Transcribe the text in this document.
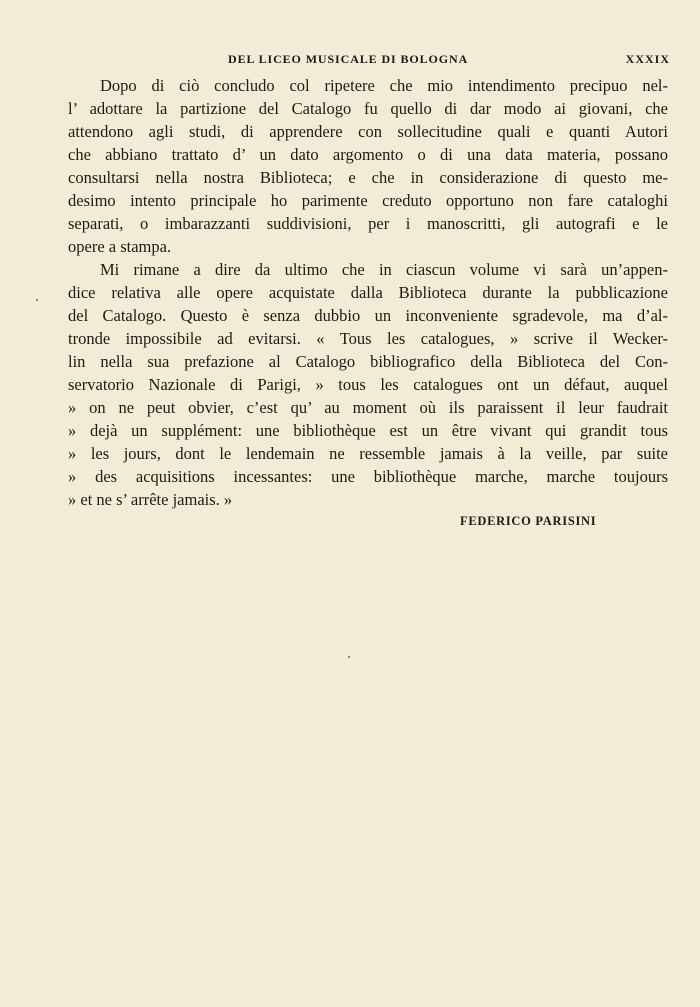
DEL LICEO MUSICALE DI BOLOGNA	XXXIX
Dopo di ciò concludo col ripetere che mio intendimento precipuo nel-
l’ adottare la partizione del Catalogo fu quello di dar modo ai giovani, che
attendono agli studi, di apprendere con sollecitudine quali e quanti Autori
che abbiano trattato d’ un dato argomento o di una data materia, possano
consultarsi nella nostra Biblioteca; e che in considerazione di questo me-
desimo intento principale ho parimente creduto opportuno non fare cataloghi
separati, o imbarazzanti suddivisioni, per i manoscritti, gli autografi e le
opere a stampa.
Mi rimane a dire da ultimo che in ciascun volume vi sarà un’appen-
dice relativa alle opere acquistate dalla Biblioteca durante la pubblicazione
del Catalogo. Questo è senza dubbio un inconveniente sgradevole, ma d’al-
tronde impossibile ad evitarsi. « Tous les catalogues, » scrive il Wecker-
lin nella sua prefazione al Catalogo bibliografico della Biblioteca del Con-
servatorio Nazionale di Parigi, » tous les catalogues ont un défaut, auquel
» on ne peut obvier, c’est qu’ au moment où ils paraissent il leur faudrait
» dejà un supplément: une bibliothèque est un être vivant qui grandit tous
» les jours, dont le lendemain ne ressemble jamais à la veille, par suite
» des acquisitions incessantes: une bibliothèque marche, marche toujours
» et ne s’ arrête jamais. »
FEDERICO PARISINI
